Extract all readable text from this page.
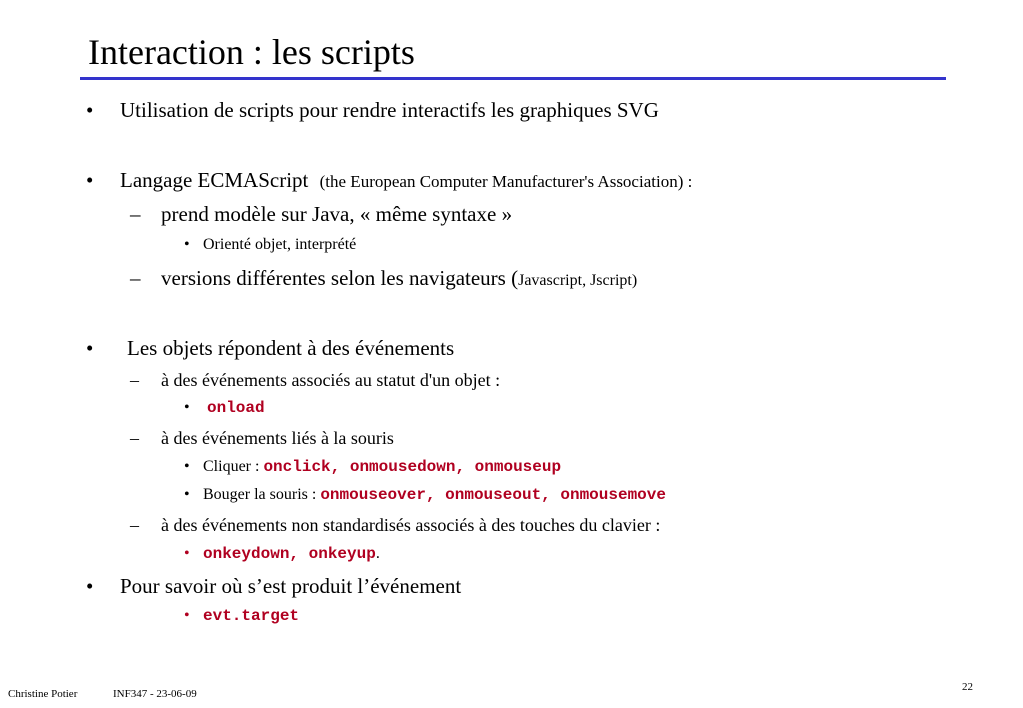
Interaction : les scripts
• Utilisation de scripts pour rendre interactifs les graphiques SVG
• Langage ECMAScript (the European Computer Manufacturer's Association) :
– prend modèle sur Java, « même syntaxe »
• Orienté objet, interprété
– versions différentes selon les navigateurs (Javascript, Jscript)
• Les objets répondent à des événements
– à des événements associés au statut d'un objet :
• onload
– à des événements liés à la souris
• Cliquer : onclick, onmousedown, onmouseup
• Bouger la souris : onmouseover, onmouseout, onmousemove
– à des événements non standardisés associés à des touches du clavier :
• onkeydown, onkeyup.
• Pour savoir où s’est produit l’événement
• evt.target
Christine Potier	INF347 - 23-06-09
22
